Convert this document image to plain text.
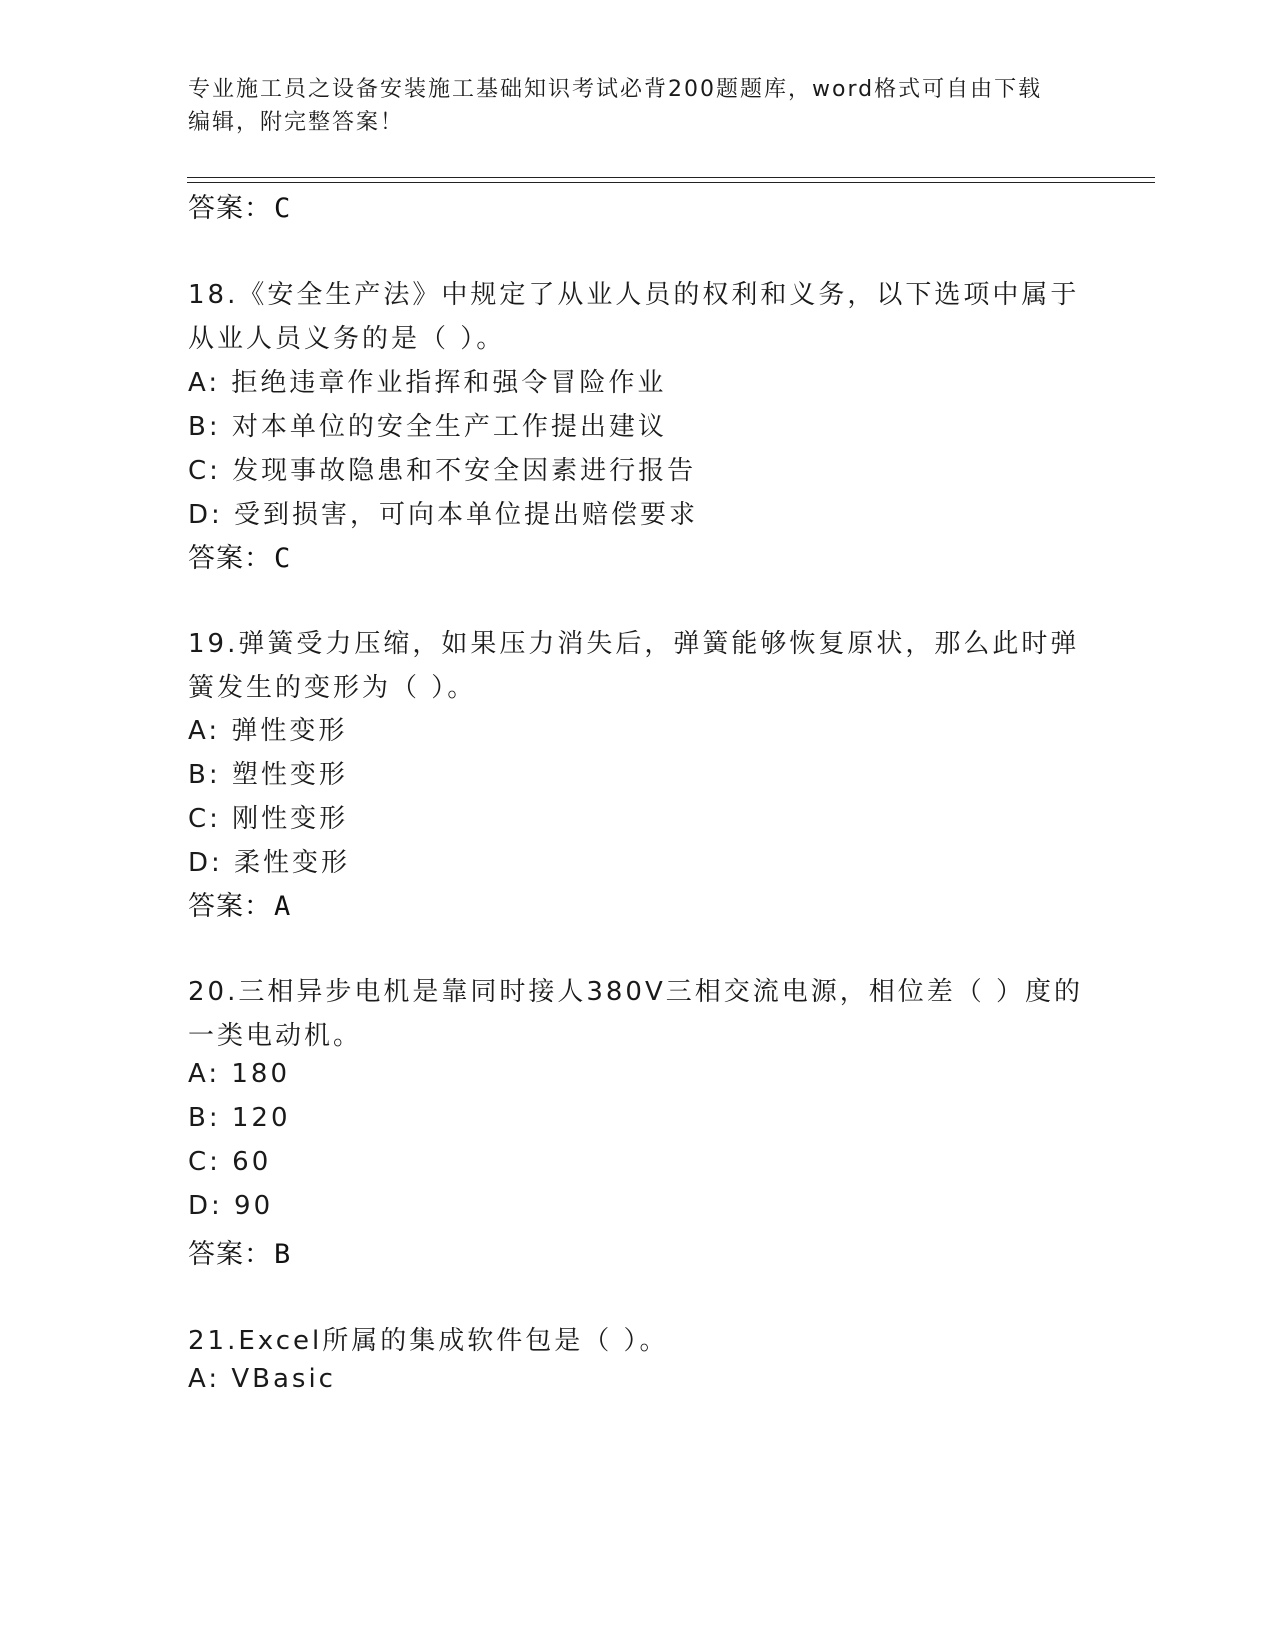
专业施工员之设备安装施工基础知识考试必背200题题库，word格式可自由下载
编辑，附完整答案！
答案：C
18.《安全生产法》中规定了从业人员的权利和义务，以下选项中属于
从业人员义务的是（ ）。
A: 拒绝违章作业指挥和强令冒险作业
B: 对本单位的安全生产工作提出建议
C: 发现事故隐患和不安全因素进行报告
D: 受到损害，可向本单位提出赔偿要求
答案：C
19.弹簧受力压缩，如果压力消失后，弹簧能够恢复原状，那么此时弹
簧发生的变形为（ ）。
A: 弹性变形
B: 塑性变形
C: 刚性变形
D: 柔性变形
答案：A
20.三相异步电机是靠同时接人380V三相交流电源，相位差（ ）度的
一类电动机。
A: 180
B: 120
C: 60
D: 90
答案：B
21.Excel所属的集成软件包是（ ）。
A: VBasic
